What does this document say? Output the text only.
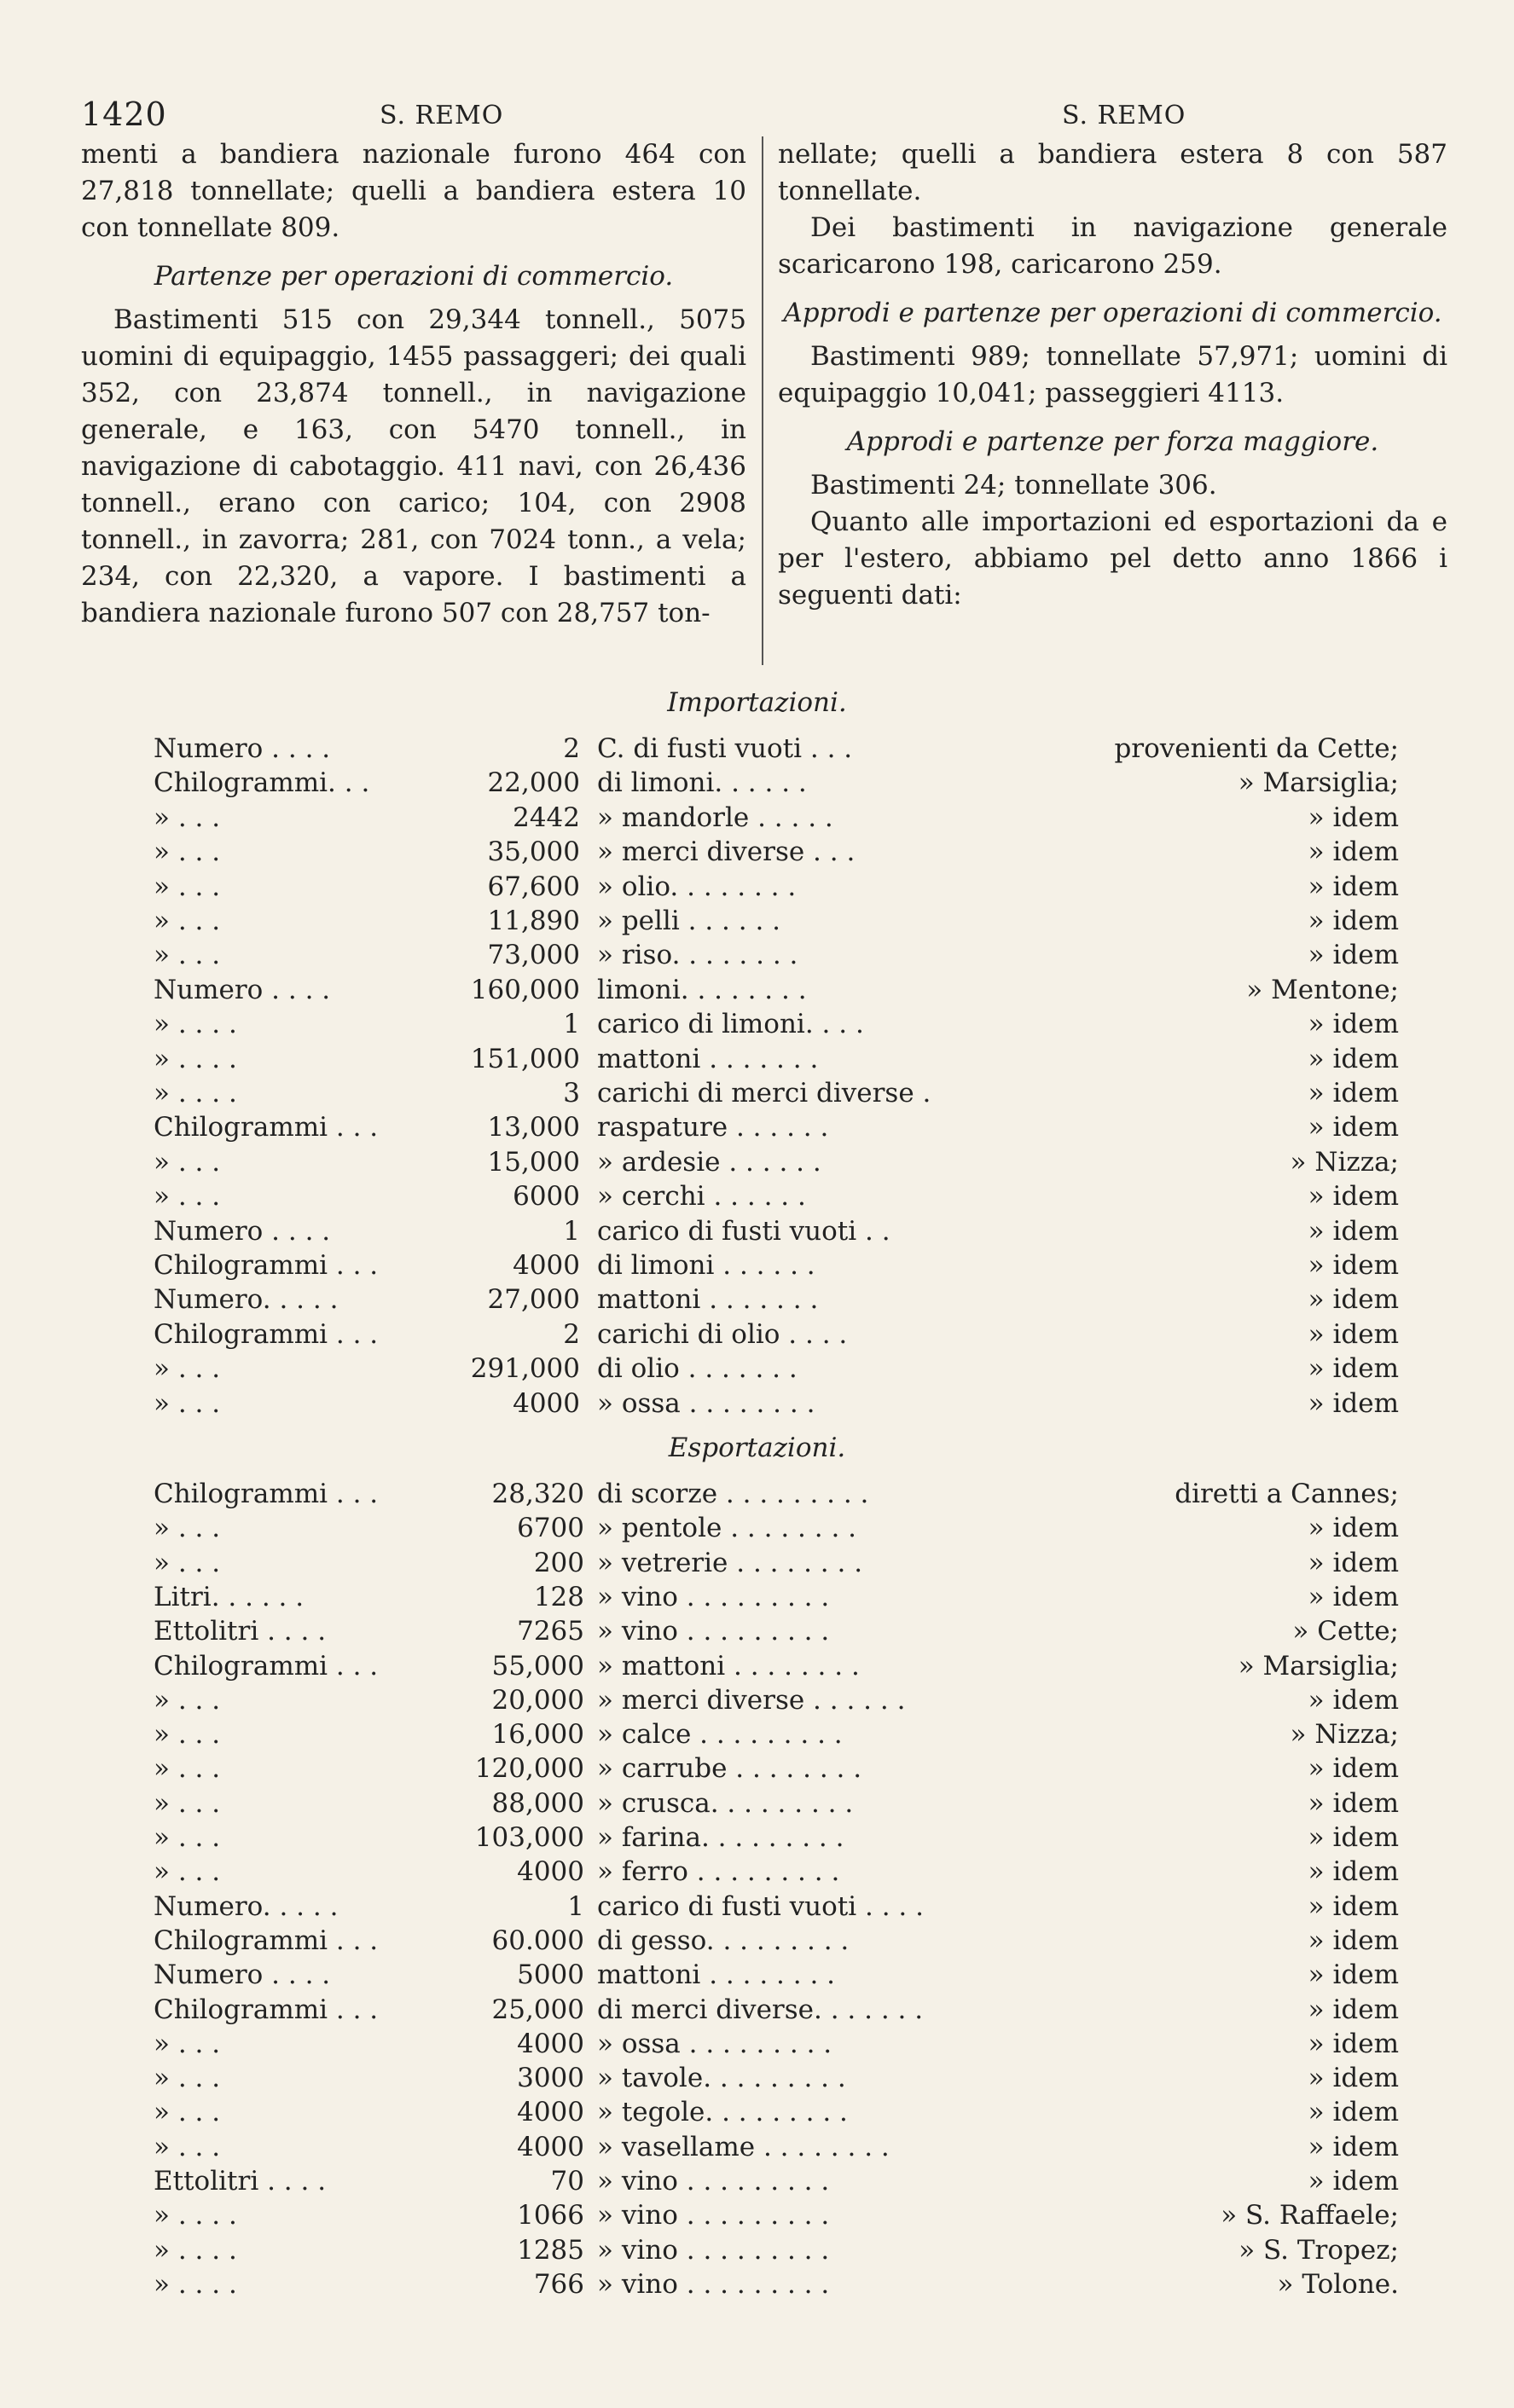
1420	S. REMO	S. REMO

menti a bandiera nazionale furono 464 con 27,818 tonnellate; quelli a bandiera estera 10 con tonnellate 809.

Partenze per operazioni di commercio.

Bastimenti 515 con 29,344 tonnell., 5075 uomini di equipaggio, 1455 passaggeri; dei quali 352, con 23,874 tonnell., in navigazione generale, e 163, con 5470 tonnell., in navigazione di cabotaggio. 411 navi, con 26,436 tonnell., erano con carico; 104, con 2908 tonnell., in zavorra; 281, con 7024 tonn., a vela; 234, con 22,320, a vapore. I bastimenti a bandiera nazionale furono 507 con 28,757 ton-

nellate; quelli a bandiera estera 8 con 587 tonnellate.

Dei bastimenti in navigazione generale scaricarono 198, caricarono 259.

Approdi e partenze per operazioni di commercio.

Bastimenti 989; tonnellate 57,971; uomini di equipaggio 10,041; passeggieri 4113.

Approdi e partenze per forza maggiore.

Bastimenti 24; tonnellate 306.

Quanto alle importazioni ed esportazioni da e per l'estero, abbiamo pel detto anno 1866 i seguenti dati:

Importazioni.
Numero . . . .	2 C. di fusti vuoti . . .	provenienti da Cette;
Chilogrammi. . .	22,000 di limoni. . . . . .	» Marsiglia;
» . . .	2442 » mandorle . . . . .	» idem
» . . .	35,000 » merci diverse . . .	» idem
» . . .	67,600 » olio. . . . . . . .	» idem
» . . .	11,890 » pelli . . . . . .	» idem
» . . .	73,000 » riso. . . . . . . .	» idem
Numero . . . .	160,000 limoni. . . . . . . .	» Mentone;
» . . . .	1 carico di limoni. . . .	» idem
» . . . .	151,000 mattoni . . . . . . .	» idem
» . . . .	3 carichi di merci diverse .	» idem
Chilogrammi . . .	13,000 raspature . . . . . .	» idem
» . . .	15,000 » ardesie . . . . . .	» Nizza;
» . . .	6000 » cerchi . . . . . .	» idem
Numero . . . .	1 carico di fusti vuoti . .	» idem
Chilogrammi . . .	4000 di limoni . . . . . .	» idem
Numero. . . . .	27,000 mattoni . . . . . . .	» idem
Chilogrammi . . .	2 carichi di olio . . . .	» idem
» . . .	291,000 di olio . . . . . . .	» idem
» . . .	4000 » ossa . . . . . . . .	» idem
Esportazioni.
Chilogrammi . . .	28,320 di scorze . . . . . . . . .	diretti a Cannes;
» . . .	6700 » pentole . . . . . . . .	» idem
» . . .	200 » vetrerie . . . . . . . .	» idem
Litri. . . . . .	128 » vino . . . . . . . . .	» idem
Ettolitri . . . .	7265 » vino . . . . . . . . .	» Cette;
Chilogrammi . . .	55,000 » mattoni . . . . . . . .	» Marsiglia;
» . . .	20,000 » merci diverse . . . . . .	» idem
» . . .	16,000 » calce . . . . . . . . .	» Nizza;
» . . .	120,000 » carrube . . . . . . . .	» idem
» . . .	88,000 » crusca. . . . . . . . .	» idem
» . . .	103,000 » farina. . . . . . . . .	» idem
» . . .	4000 » ferro . . . . . . . . .	» idem
Numero. . . . .	1 carico di fusti vuoti . . . .	» idem
Chilogrammi . . .	60.000 di gesso. . . . . . . . .	» idem
Numero . . . .	5000 mattoni . . . . . . . .	» idem
Chilogrammi . . .	25,000 di merci diverse. . . . . . .	» idem
» . . .	4000 » ossa . . . . . . . . .	» idem
» . . .	3000 » tavole. . . . . . . . .	» idem
» . . .	4000 » tegole. . . . . . . . .	» idem
» . . .	4000 » vasellame . . . . . . . .	» idem
Ettolitri . . . .	70 » vino . . . . . . . . .	» idem
» . . . .	1066 » vino . . . . . . . . .	» S. Raffaele;
» . . . .	1285 » vino . . . . . . . . .	» S. Tropez;
» . . . .	766 » vino . . . . . . . . .	» Tolone.
